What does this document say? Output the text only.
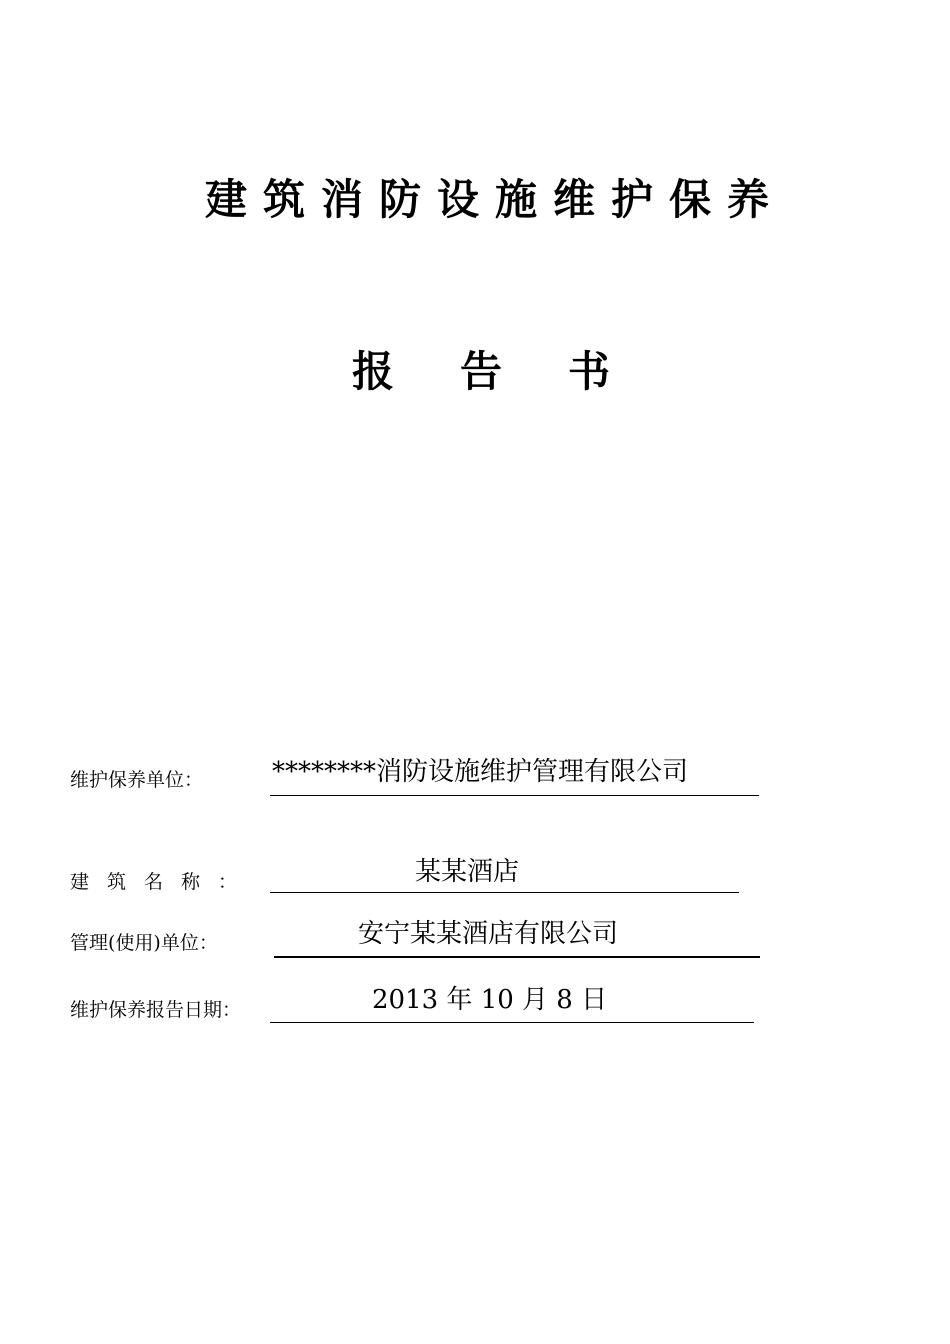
建筑消防设施维护保养
报告书
维护保养单位：	********消防设施维护管理有限公司
建筑名称：	某某酒店
管理(使用)单位：	安宁某某酒店有限公司
维护保养报告日期：	2013 年 10 月 8 日
